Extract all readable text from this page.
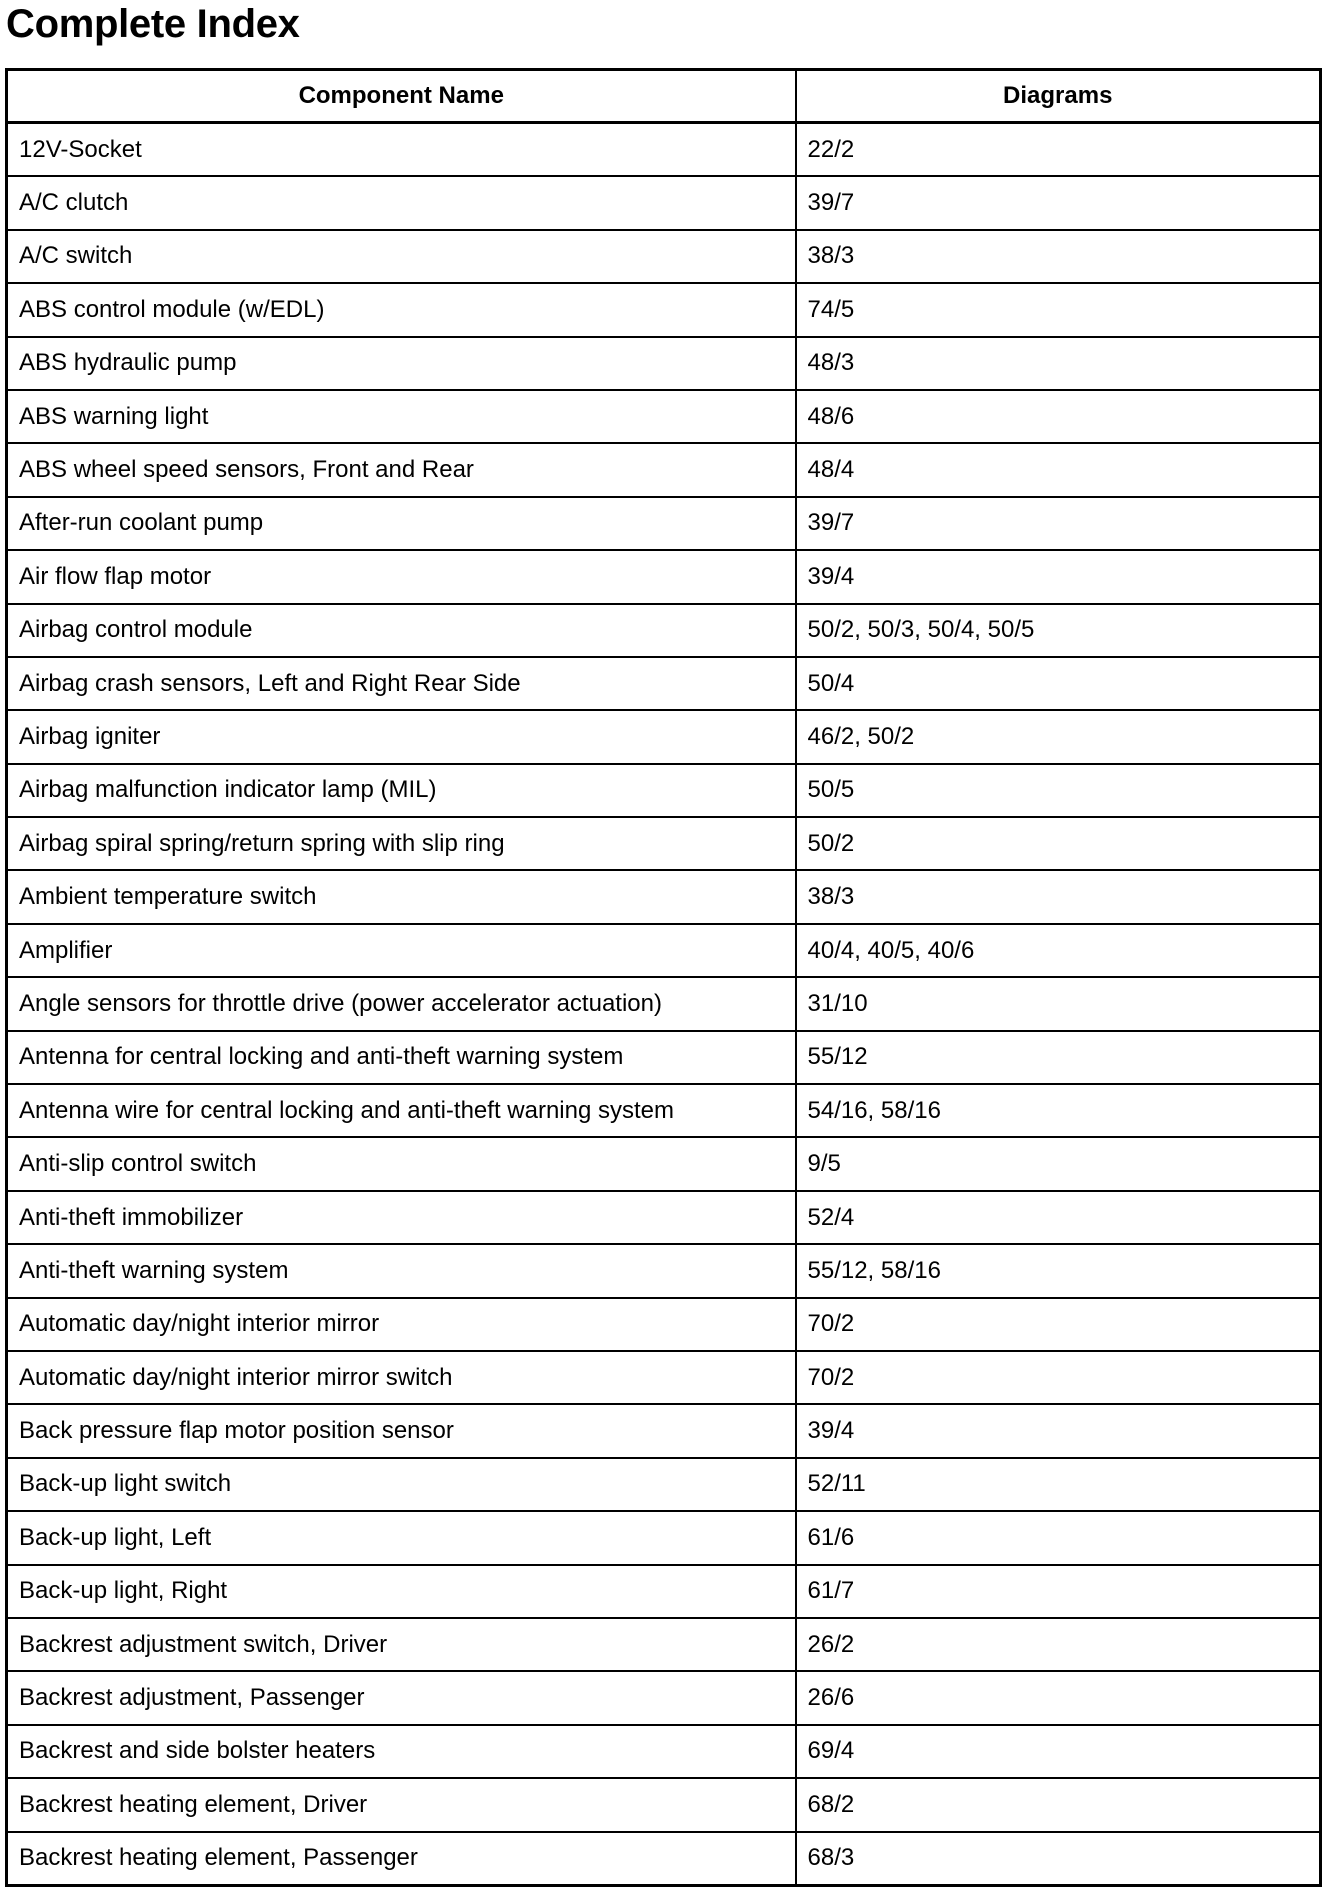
Complete Index
Component Name	Diagrams
12V-Socket	22/2
A/C clutch	39/7
A/C switch	38/3
ABS control module (w/EDL)	74/5
ABS hydraulic pump	48/3
ABS warning light	48/6
ABS wheel speed sensors, Front and Rear	48/4
After-run coolant pump	39/7
Air flow flap motor	39/4
Airbag control module	50/2, 50/3, 50/4, 50/5
Airbag crash sensors, Left and Right Rear Side	50/4
Airbag igniter	46/2, 50/2
Airbag malfunction indicator lamp (MIL)	50/5
Airbag spiral spring/return spring with slip ring	50/2
Ambient temperature switch	38/3
Amplifier	40/4, 40/5, 40/6
Angle sensors for throttle drive (power accelerator actuation)	31/10
Antenna for central locking and anti-theft warning system	55/12
Antenna wire for central locking and anti-theft warning system	54/16, 58/16
Anti-slip control switch	9/5
Anti-theft immobilizer	52/4
Anti-theft warning system	55/12, 58/16
Automatic day/night interior mirror	70/2
Automatic day/night interior mirror switch	70/2
Back pressure flap motor position sensor	39/4
Back-up light switch	52/11
Back-up light, Left	61/6
Back-up light, Right	61/7
Backrest adjustment switch, Driver	26/2
Backrest adjustment, Passenger	26/6
Backrest and side bolster heaters	69/4
Backrest heating element, Driver	68/2
Backrest heating element, Passenger	68/3
